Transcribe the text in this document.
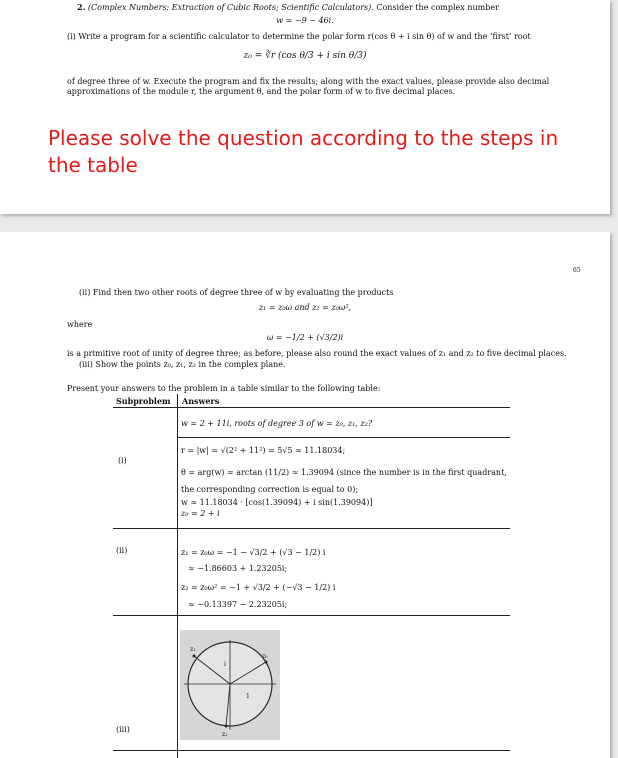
2. (Complex Numbers: Extraction of Cubic Roots; Scientific Calculators). Consider the complex number
w = −9 − 46i.
(i) Write a program for a scientific calculator to determine the polar form r(cos θ + i sin θ) of w and the ‘first’ root
z₀ = ∛r (cos θ/3 + i sin θ/3)
of degree three of w. Execute the program and fix the results; along with the exact values, please provide also decimal
approximations of the module r, the argument θ, and the polar form of w to five decimal places.
Please solve the question according to the steps in the table
65
(ii) Find then two other roots of degree three of w by evaluating the products
z₁ = z₀ω and z₂ = z₀ω²,
where
ω = −1/2 + (√3/2)i
is a primitive root of unity of degree three; as before, please also round the exact values of z₁ and z₂ to five decimal places.
(iii) Show the points z₀, z₁, z₂ in the complex plane.
Present your answers to the problem in a table similar to the following table:
Subproblem Answers
w = 2 + 11i, roots of degree 3 of w = z₀, z₁, z₂?
(i)
r = |w| = √(2² + 11²) = 5√5 ≈ 11.18034;
θ = arg(w) = arctan (11/2) ≈ 1.39094 (since the number is in the first quadrant,
the corresponding correction is equal to 0);
w ≈ 11.18034 · [cos(1.39094) + i sin(1.39094)]
z₀ = 2 + i
(ii)	z₁ = z₀ω = −1 − √3/2 + (√3 − 1/2) i
≈ −1.86603 + 1.23205i;
z₂ = z₀ω² = −1 + √3/2 + (−√3 − 1/2) i
≈ −0.13397 − 2.23205i;
(iii)
z₁
z₀
z₂
i
1
